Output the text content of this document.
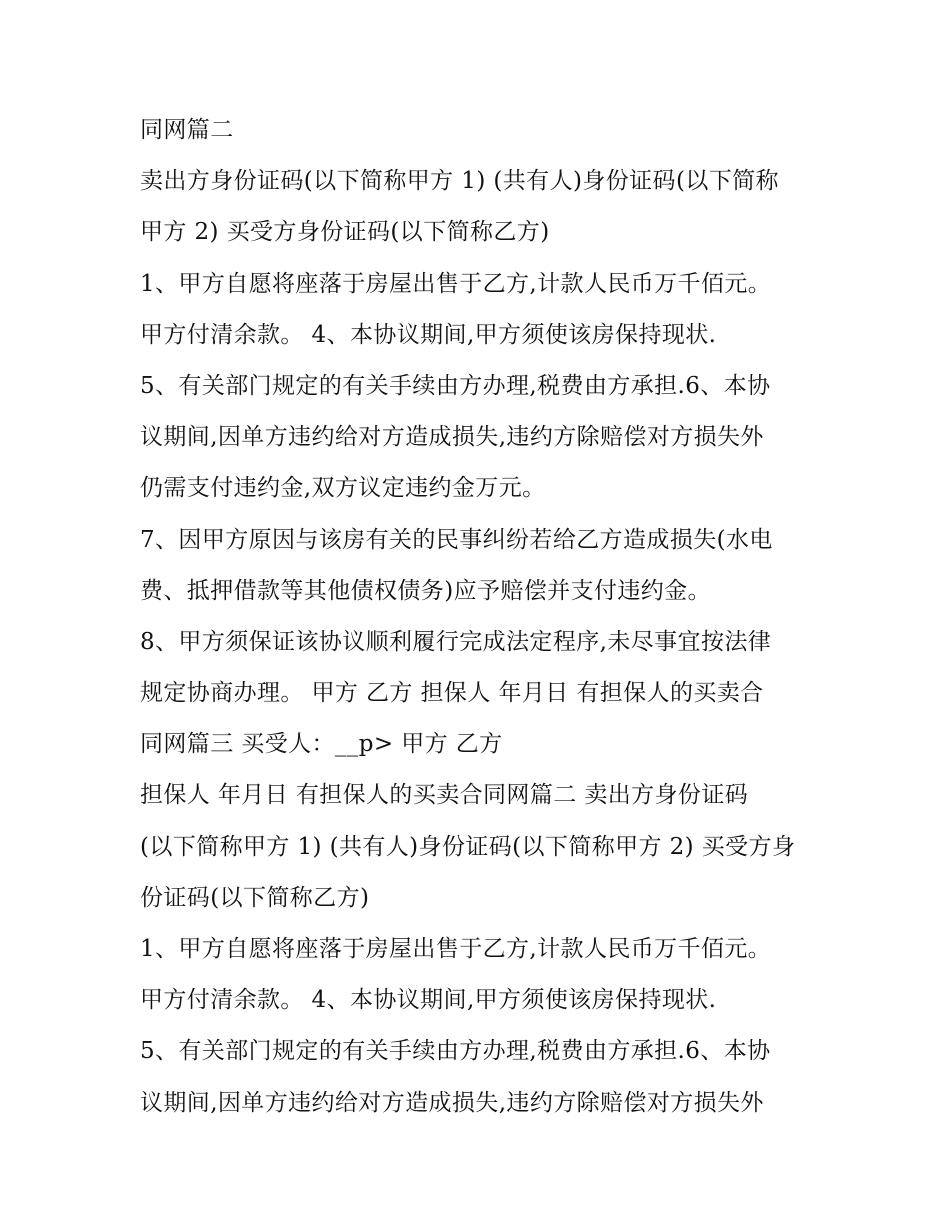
同网篇二
卖出方身份证码(以下简称甲方 1) (共有人)身份证码(以下简称
甲方 2) 买受方身份证码(以下简称乙方)
1、甲方自愿将座落于房屋出售于乙方,计款人民币万千佰元。
甲方付清余款。 4、本协议期间,甲方须使该房保持现状.
5、有关部门规定的有关手续由方办理,税费由方承担.6、本协
议期间,因单方违约给对方造成损失,违约方除赔偿对方损失外
仍需支付违约金,双方议定违约金万元。
7、因甲方原因与该房有关的民事纠纷若给乙方造成损失(水电
费、抵押借款等其他债权债务)应予赔偿并支付违约金。
8、甲方须保证该协议顺利履行完成法定程序,未尽事宜按法律
规定协商办理。 甲方 乙方 担保人 年月日 有担保人的买卖合
同网篇三 买受人：__p> 甲方 乙方
担保人 年月日 有担保人的买卖合同网篇二 卖出方身份证码
(以下简称甲方 1) (共有人)身份证码(以下简称甲方 2) 买受方身
份证码(以下简称乙方)
1、甲方自愿将座落于房屋出售于乙方,计款人民币万千佰元。
甲方付清余款。 4、本协议期间,甲方须使该房保持现状.
5、有关部门规定的有关手续由方办理,税费由方承担.6、本协
议期间,因单方违约给对方造成损失,违约方除赔偿对方损失外
